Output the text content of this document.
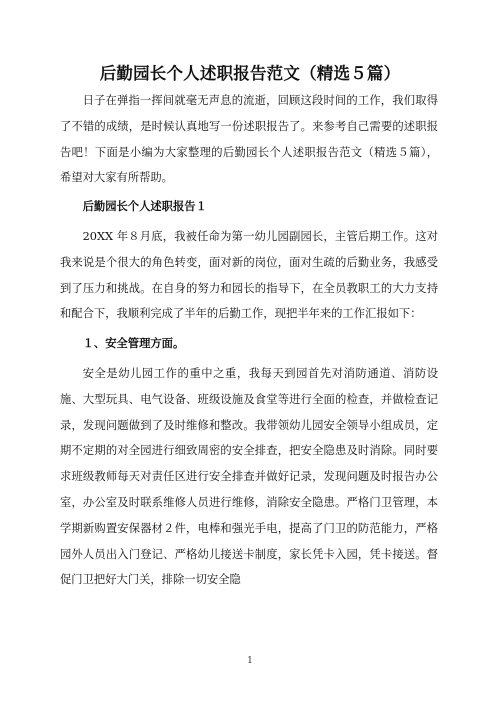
后勤园长个人述职报告范文（精选５篇）

日子在弹指一挥间就毫无声息的流逝，回顾这段时间的工作，我们取得了不错的成绩，是时候认真地写一份述职报告了。来参考自己需要的述职报告吧！下面是小编为大家整理的后勤园长个人述职报告范文（精选５篇），希望对大家有所帮助。

后勤园长个人述职报告１

20XX 年８月底，我被任命为第一幼儿园副园长，主管后期工作。这对我来说是个很大的角色转变，面对新的岗位，面对生疏的后勤业务，我感受到了压力和挑战。在自身的努力和园长的指导下，在全员教职工的大力支持和配合下，我顺利完成了半年的后勤工作，现把半年来的工作汇报如下：

１、安全管理方面。

安全是幼儿园工作的重中之重，我每天到园首先对消防通道、消防设施、大型玩具、电气设备、班级设施及食堂等进行全面的检查，并做检查记录，发现问题做到了及时维修和整改。我带领幼儿园安全领导小组成员，定期不定期的对全园进行细致周密的安全排查，把安全隐患及时消除。同时要求班级教师每天对责任区进行安全排查并做好记录，发现问题及时报告办公室，办公室及时联系维修人员进行维修，消除安全隐患。严格门卫管理，本学期新购置安保器材２件，电棒和强光手电，提高了门卫的防范能力，严格园外人员出入门登记、严格幼儿接送卡制度，家长凭卡入园，凭卡接送。督促门卫把好大门关，排除一切安全隐

1
